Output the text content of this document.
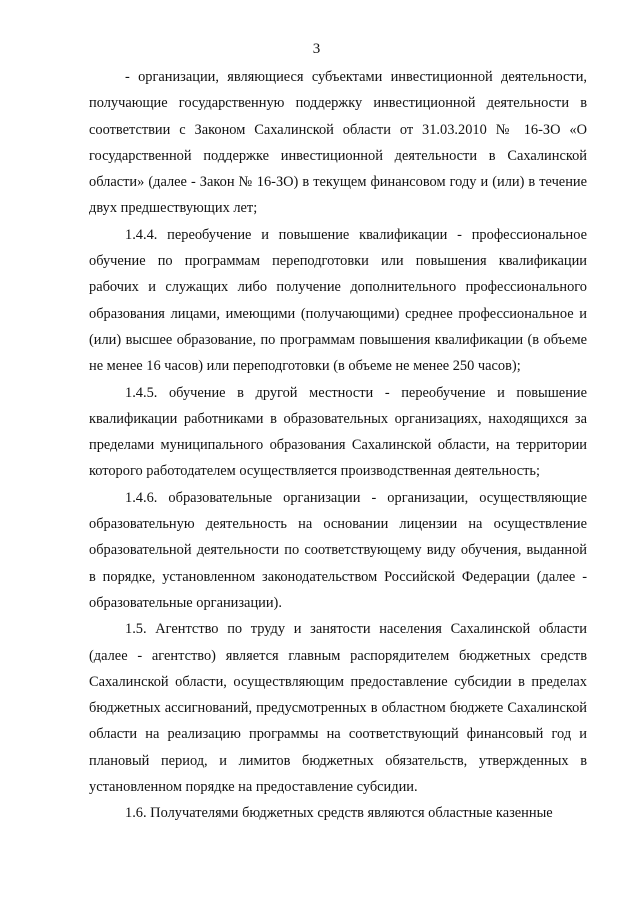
3

- организации, являющиеся субъектами инвестиционной деятельности, получающие государственную поддержку инвестиционной деятельности в соответствии с Законом Сахалинской области от 31.03.2010 № 16-ЗО «О государственной поддержке инвестиционной деятельности в Сахалинской области» (далее - Закон № 16-ЗО) в текущем финансовом году и (или) в течение двух предшествующих лет;

1.4.4. переобучение и повышение квалификации - профессиональное обучение по программам переподготовки или повышения квалификации рабочих и служащих либо получение дополнительного профессионального образования лицами, имеющими (получающими) среднее профессиональное и (или) высшее образование, по программам повышения квалификации (в объеме не менее 16 часов) или переподготовки (в объеме не менее 250 часов);

1.4.5. обучение в другой местности - переобучение и повышение квалификации работниками в образовательных организациях, находящихся за пределами муниципального образования Сахалинской области, на территории которого работодателем осуществляется производственная деятельность;

1.4.6. образовательные организации - организации, осуществляющие образовательную деятельность на основании лицензии на осуществление образовательной деятельности по соответствующему виду обучения, выданной в порядке, установленном законодательством Российской Федерации (далее - образовательные организации).

1.5. Агентство по труду и занятости населения Сахалинской области (далее - агентство) является главным распорядителем бюджетных средств Сахалинской области, осуществляющим предоставление субсидии в пределах бюджетных ассигнований, предусмотренных в областном бюджете Сахалинской области на реализацию программы на соответствующий финансовый год и плановый период, и лимитов бюджетных обязательств, утвержденных в установленном порядке на предоставление субсидии.

1.6. Получателями бюджетных средств являются областные казенные
